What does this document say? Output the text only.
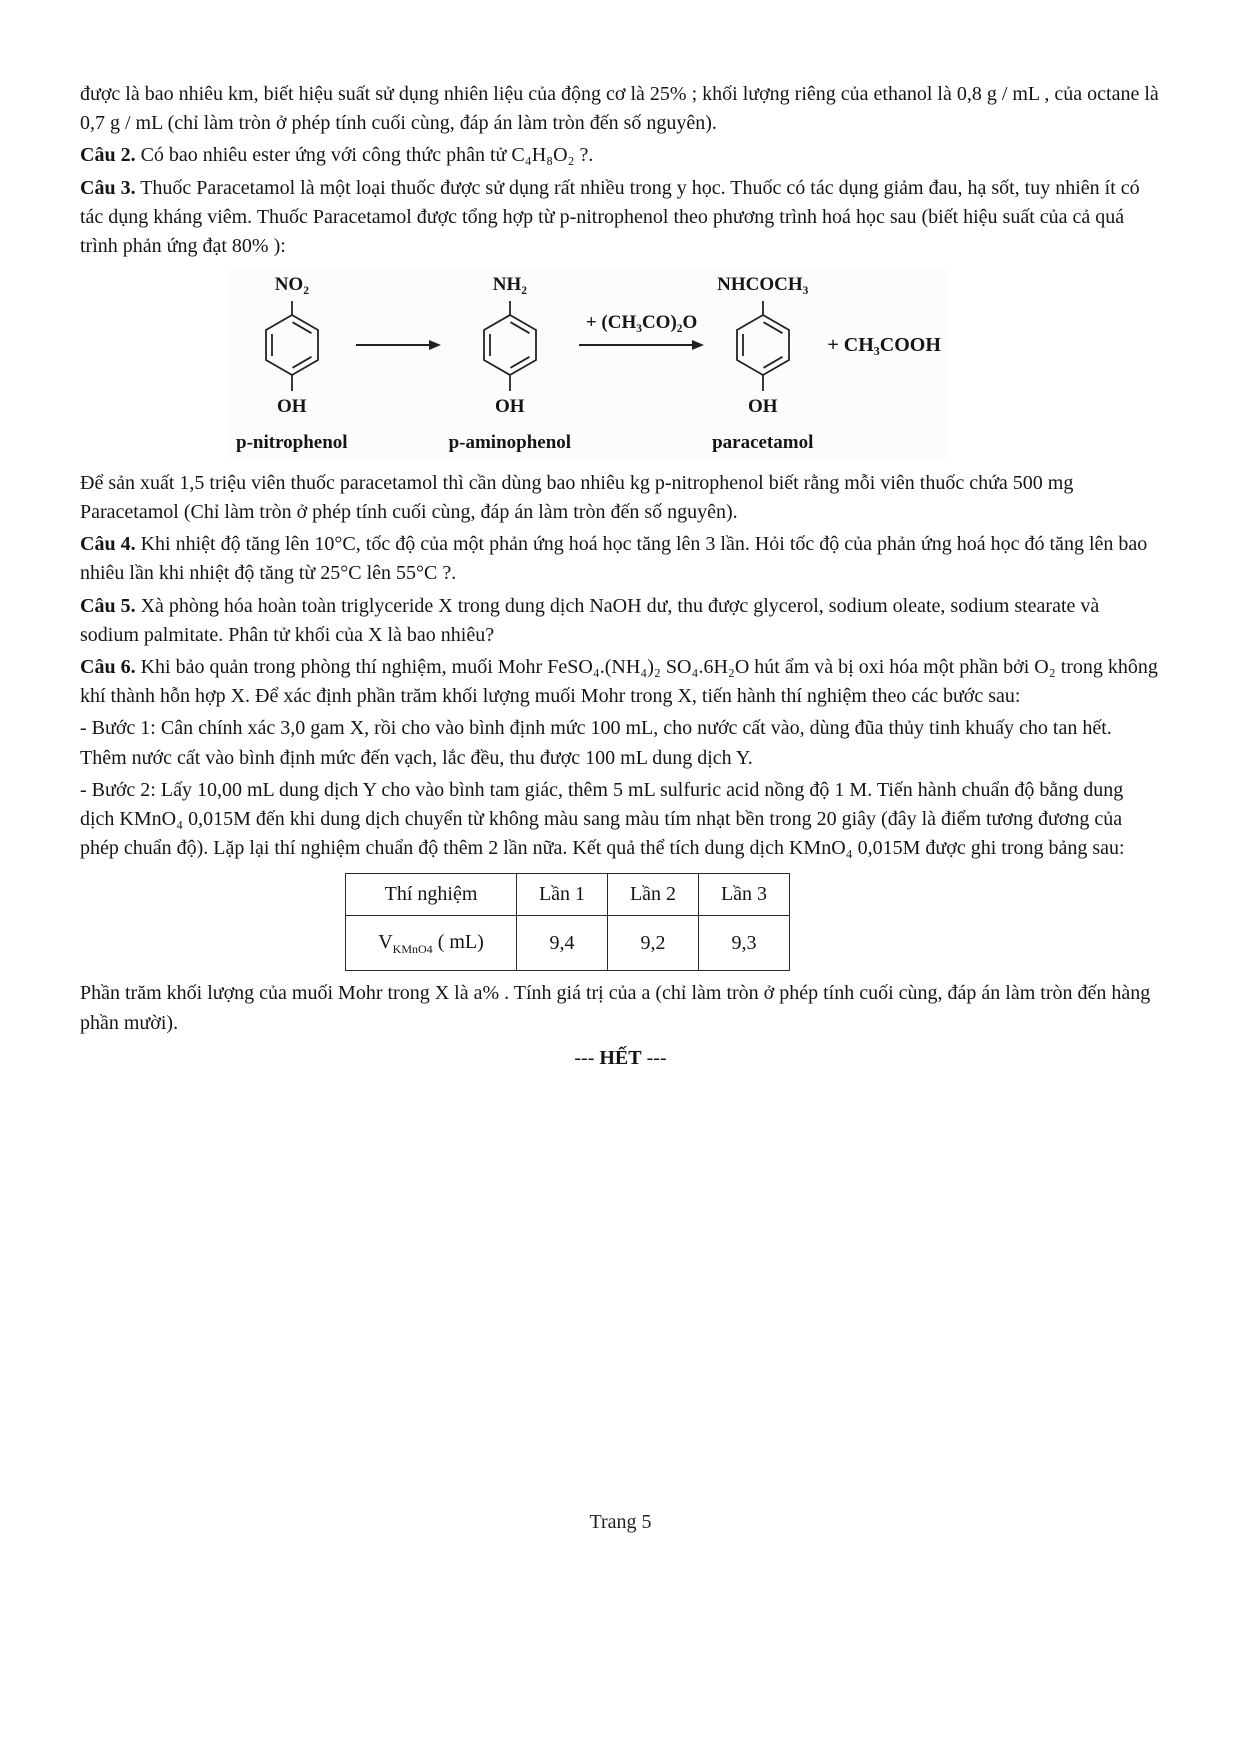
được là bao nhiêu km, biết hiệu suất sử dụng nhiên liệu của động cơ là 25% ; khối lượng riêng của ethanol là 0,8 g / mL , của octane là 0,7 g / mL (chỉ làm tròn ở phép tính cuối cùng, đáp án làm tròn đến số nguyên).

Câu 2. Có bao nhiêu ester ứng với công thức phân tử C₄H₈O₂ ?.

Câu 3. Thuốc Paracetamol là một loại thuốc được sử dụng rất nhiều trong y học. Thuốc có tác dụng giảm đau, hạ sốt, tuy nhiên ít có tác dụng kháng viêm. Thuốc Paracetamol được tổng hợp từ p-nitrophenol theo phương trình hoá học sau (biết hiệu suất của cả quá trình phản ứng đạt 80% ):

NO₂
OH
p-nitrophenol
NH₂
OH
p-aminophenol
+ (CH₃CO)₂O
NHCOCH₃
OH
paracetamol
+ CH₃COOH

Để sản xuất 1,5 triệu viên thuốc paracetamol thì cần dùng bao nhiêu kg p-nitrophenol biết rằng mỗi viên thuốc chứa 500 mg Paracetamol (Chỉ làm tròn ở phép tính cuối cùng, đáp án làm tròn đến số nguyên).

Câu 4. Khi nhiệt độ tăng lên 10°C, tốc độ của một phản ứng hoá học tăng lên 3 lần. Hỏi tốc độ của phản ứng hoá học đó tăng lên bao nhiêu lần khi nhiệt độ tăng từ 25°C lên 55°C ?.

Câu 5. Xà phòng hóa hoàn toàn triglyceride X trong dung dịch NaOH dư, thu được glycerol, sodium oleate, sodium stearate và sodium palmitate. Phân tử khối của X là bao nhiêu?

Câu 6. Khi bảo quản trong phòng thí nghiệm, muối Mohr FeSO₄.(NH₄)₂ SO₄.6H₂O hút ẩm và bị oxi hóa một phần bởi O₂ trong không khí thành hỗn hợp X. Để xác định phần trăm khối lượng muối Mohr trong X, tiến hành thí nghiệm theo các bước sau:

- Bước 1: Cân chính xác 3,0 gam X, rồi cho vào bình định mức 100 mL, cho nước cất vào, dùng đũa thủy tinh khuấy cho tan hết. Thêm nước cất vào bình định mức đến vạch, lắc đều, thu được 100 mL dung dịch Y.

- Bước 2: Lấy 10,00 mL dung dịch Y cho vào bình tam giác, thêm 5 mL sulfuric acid nồng độ 1 M. Tiến hành chuẩn độ bằng dung dịch KMnO₄ 0,015M đến khi dung dịch chuyển từ không màu sang màu tím nhạt bền trong 20 giây (đây là điểm tương đương của phép chuẩn độ). Lặp lại thí nghiệm chuẩn độ thêm 2 lần nữa. Kết quả thể tích dung dịch KMnO₄ 0,015M được ghi trong bảng sau:

Thí nghiệm	Lần 1	Lần 2	Lần 3
$V_{KMnO4}$ ( mL)	9,4	9,2	9,3

Phần trăm khối lượng của muối Mohr trong X là a% . Tính giá trị của a (chỉ làm tròn ở phép tính cuối cùng, đáp án làm tròn đến hàng phần mười).

--- HẾT ---
Trang 5
